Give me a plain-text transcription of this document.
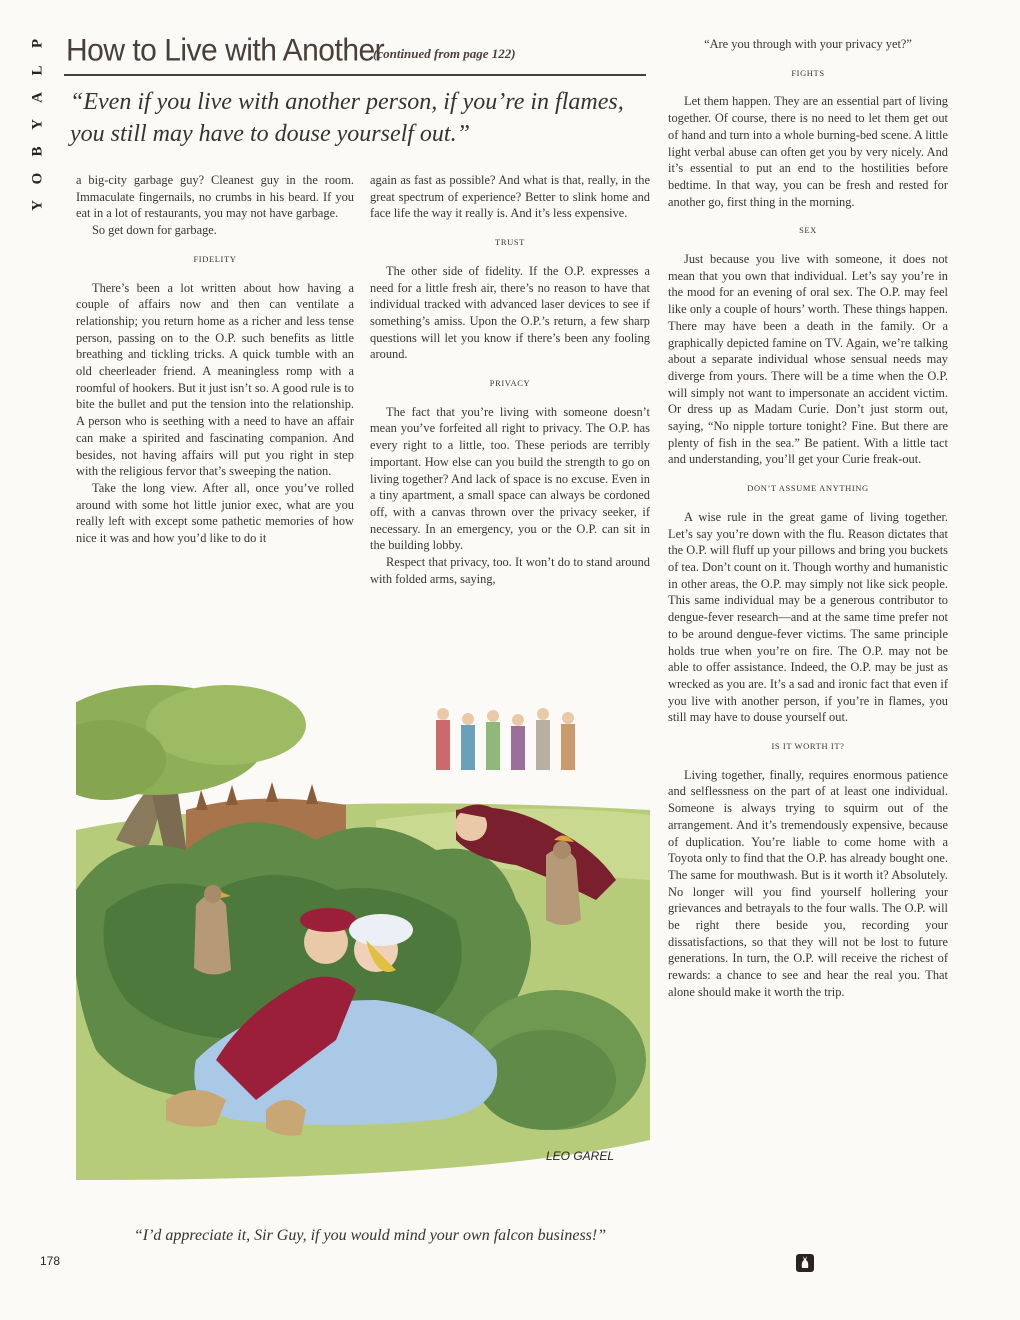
P
L
A
Y
B
O
Y
How to Live with Another
(continued from page 122)
“Even if you live with another person, if you’re in flames, you still may have to douse yourself out.”

a big-city garbage guy? Cleanest guy in the room. Immaculate fingernails, no crumbs in his beard. If you eat in a lot of restaurants, you may not have garbage.

So get down for garbage.

FIDELITY

There’s been a lot written about how having a couple of affairs now and then can ventilate a relationship; you return home as a richer and less tense person, passing on to the O.P. such benefits as little breathing and tickling tricks. A quick tumble with an old cheerleader friend. A meaningless romp with a roomful of hookers. But it just isn’t so. A good rule is to bite the bullet and put the tension into the relationship. A person who is seething with a need to have an affair can make a spirited and fascinating companion. And besides, not having affairs will put you right in step with the religious fervor that’s sweeping the nation.

Take the long view. After all, once you’ve rolled around with some hot little junior exec, what are you really left with except some pathetic memories of how nice it was and how you’d like to do it

again as fast as possible? And what is that, really, in the great spectrum of experience? Better to slink home and face life the way it really is. And it’s less expensive.

TRUST

The other side of fidelity. If the O.P. expresses a need for a little fresh air, there’s no reason to have that individual tracked with advanced laser devices to see if something’s amiss. Upon the O.P.’s return, a few sharp questions will let you know if there’s been any fooling around.

PRIVACY

The fact that you’re living with someone doesn’t mean you’ve forfeited all right to privacy. The O.P. has every right to a little, too. These periods are terribly important. How else can you build the strength to go on living together? And lack of space is no excuse. Even in a tiny apartment, a small space can always be cordoned off, with a canvas thrown over the privacy seeker, if necessary. In an emergency, you or the O.P. can sit in the building lobby.

Respect that privacy, too. It won’t do to stand around with folded arms, saying,

“Are you through with your privacy yet?”

FIGHTS

Let them happen. They are an essential part of living together. Of course, there is no need to let them get out of hand and turn into a whole burning-bed scene. A little light verbal abuse can often get you by very nicely. And it’s essential to put an end to the hostilities before bedtime. In that way, you can be fresh and rested for another go, first thing in the morning.

SEX

Just because you live with someone, it does not mean that you own that individual. Let’s say you’re in the mood for an evening of oral sex. The O.P. may feel like only a couple of hours’ worth. These things happen. There may have been a death in the family. Or a graphically depicted famine on TV. Again, we’re talking about a separate individual whose sensual needs may diverge from yours. There will be a time when the O.P. will simply not want to impersonate an accident victim. Or dress up as Madam Curie. Don’t just storm out, saying, “No nipple torture tonight? Fine. But there are plenty of fish in the sea.” Be patient. With a little tact and understanding, you’ll get your Curie freak-out.

DON’T ASSUME ANYTHING

A wise rule in the great game of living together. Let’s say you’re down with the flu. Reason dictates that the O.P. will fluff up your pillows and bring you buckets of tea. Don’t count on it. Though worthy and humanistic in other areas, the O.P. may simply not like sick people. This same individual may be a generous contributor to dengue-fever research—and at the same time prefer not to be around dengue-fever victims. The same principle holds true when you’re on fire. The O.P. may not be able to offer assistance. Indeed, the O.P. may be just as wrecked as you are. It’s a sad and ironic fact that even if you live with another person, if you’re in flames, you still may have to douse yourself out.

IS IT WORTH IT?

Living together, finally, requires enormous patience and selflessness on the part of at least one individual. Someone is always trying to squirm out of the arrangement. And it’s tremendously expensive, because of duplication. You’re liable to come home with a Toyota only to find that the O.P. has already bought one. The same for mouthwash. But is it worth it? Absolutely. No longer will you find yourself hollering your grievances and betrayals to the four walls. The O.P. will be right there beside you, recording your dissatisfactions, so that they will not be lost to future generations. In turn, the O.P. will receive the richest of rewards: a chance to see and hear the real you. That alone should make it worth the trip.

LEO GAREL
“I’d appreciate it, Sir Guy, if you would mind your own falcon business!”
178
